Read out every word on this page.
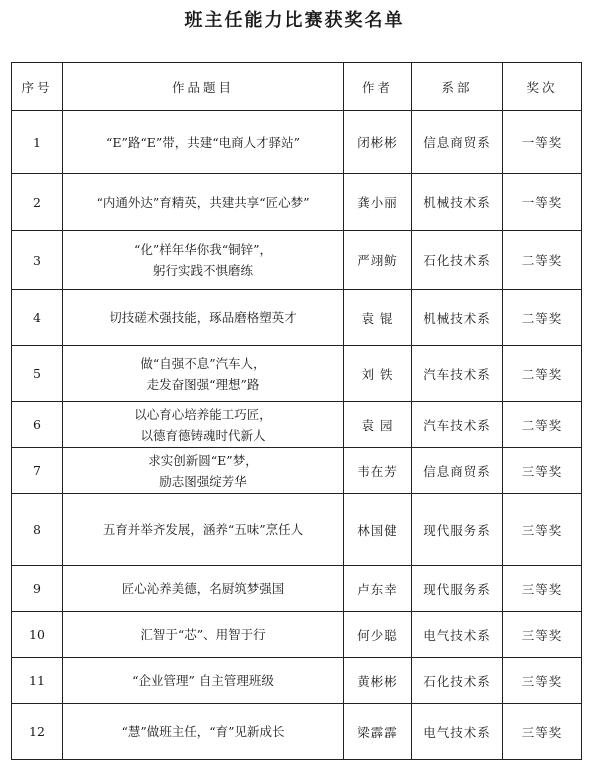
班主任能力比赛获奖名单
序号	作品题目	作者	系部	奖次
1	“E”路“E”带，共建“电商人才驿站”	闭彬彬	信息商贸系	一等奖
2	“内通外达”育精英，共建共享“匠心梦”	龚小丽	机械技术系	一等奖
3	“化”样年华你我“铜锌”，
躬行实践不惧磨练	严翊鲂	石化技术系	二等奖
4	切技磋术强技能，琢品磨格塑英才	袁 锟	机械技术系	二等奖
5	做“自强不息”汽车人，
走发奋图强“理想”路	刘 铁	汽车技术系	二等奖
6	以心育心培养能工巧匠，
以德育德铸魂时代新人	袁 园	汽车技术系	二等奖
7	求实创新圆“E”梦，
励志图强绽芳华	韦在芳	信息商贸系	三等奖
8	五育并举齐发展，涵养“五味”烹任人	林国健	现代服务系	三等奖
9	匠心沁养美德，名厨筑梦强国	卢东幸	现代服务系	三等奖
10	汇智于“芯”、用智于行	何少聪	电气技术系	三等奖
11	“企业管理” 自主管理班级	黄彬彬	石化技术系	三等奖
12	“慧”做班主任，“育”见新成长	梁霹霹	电气技术系	三等奖
